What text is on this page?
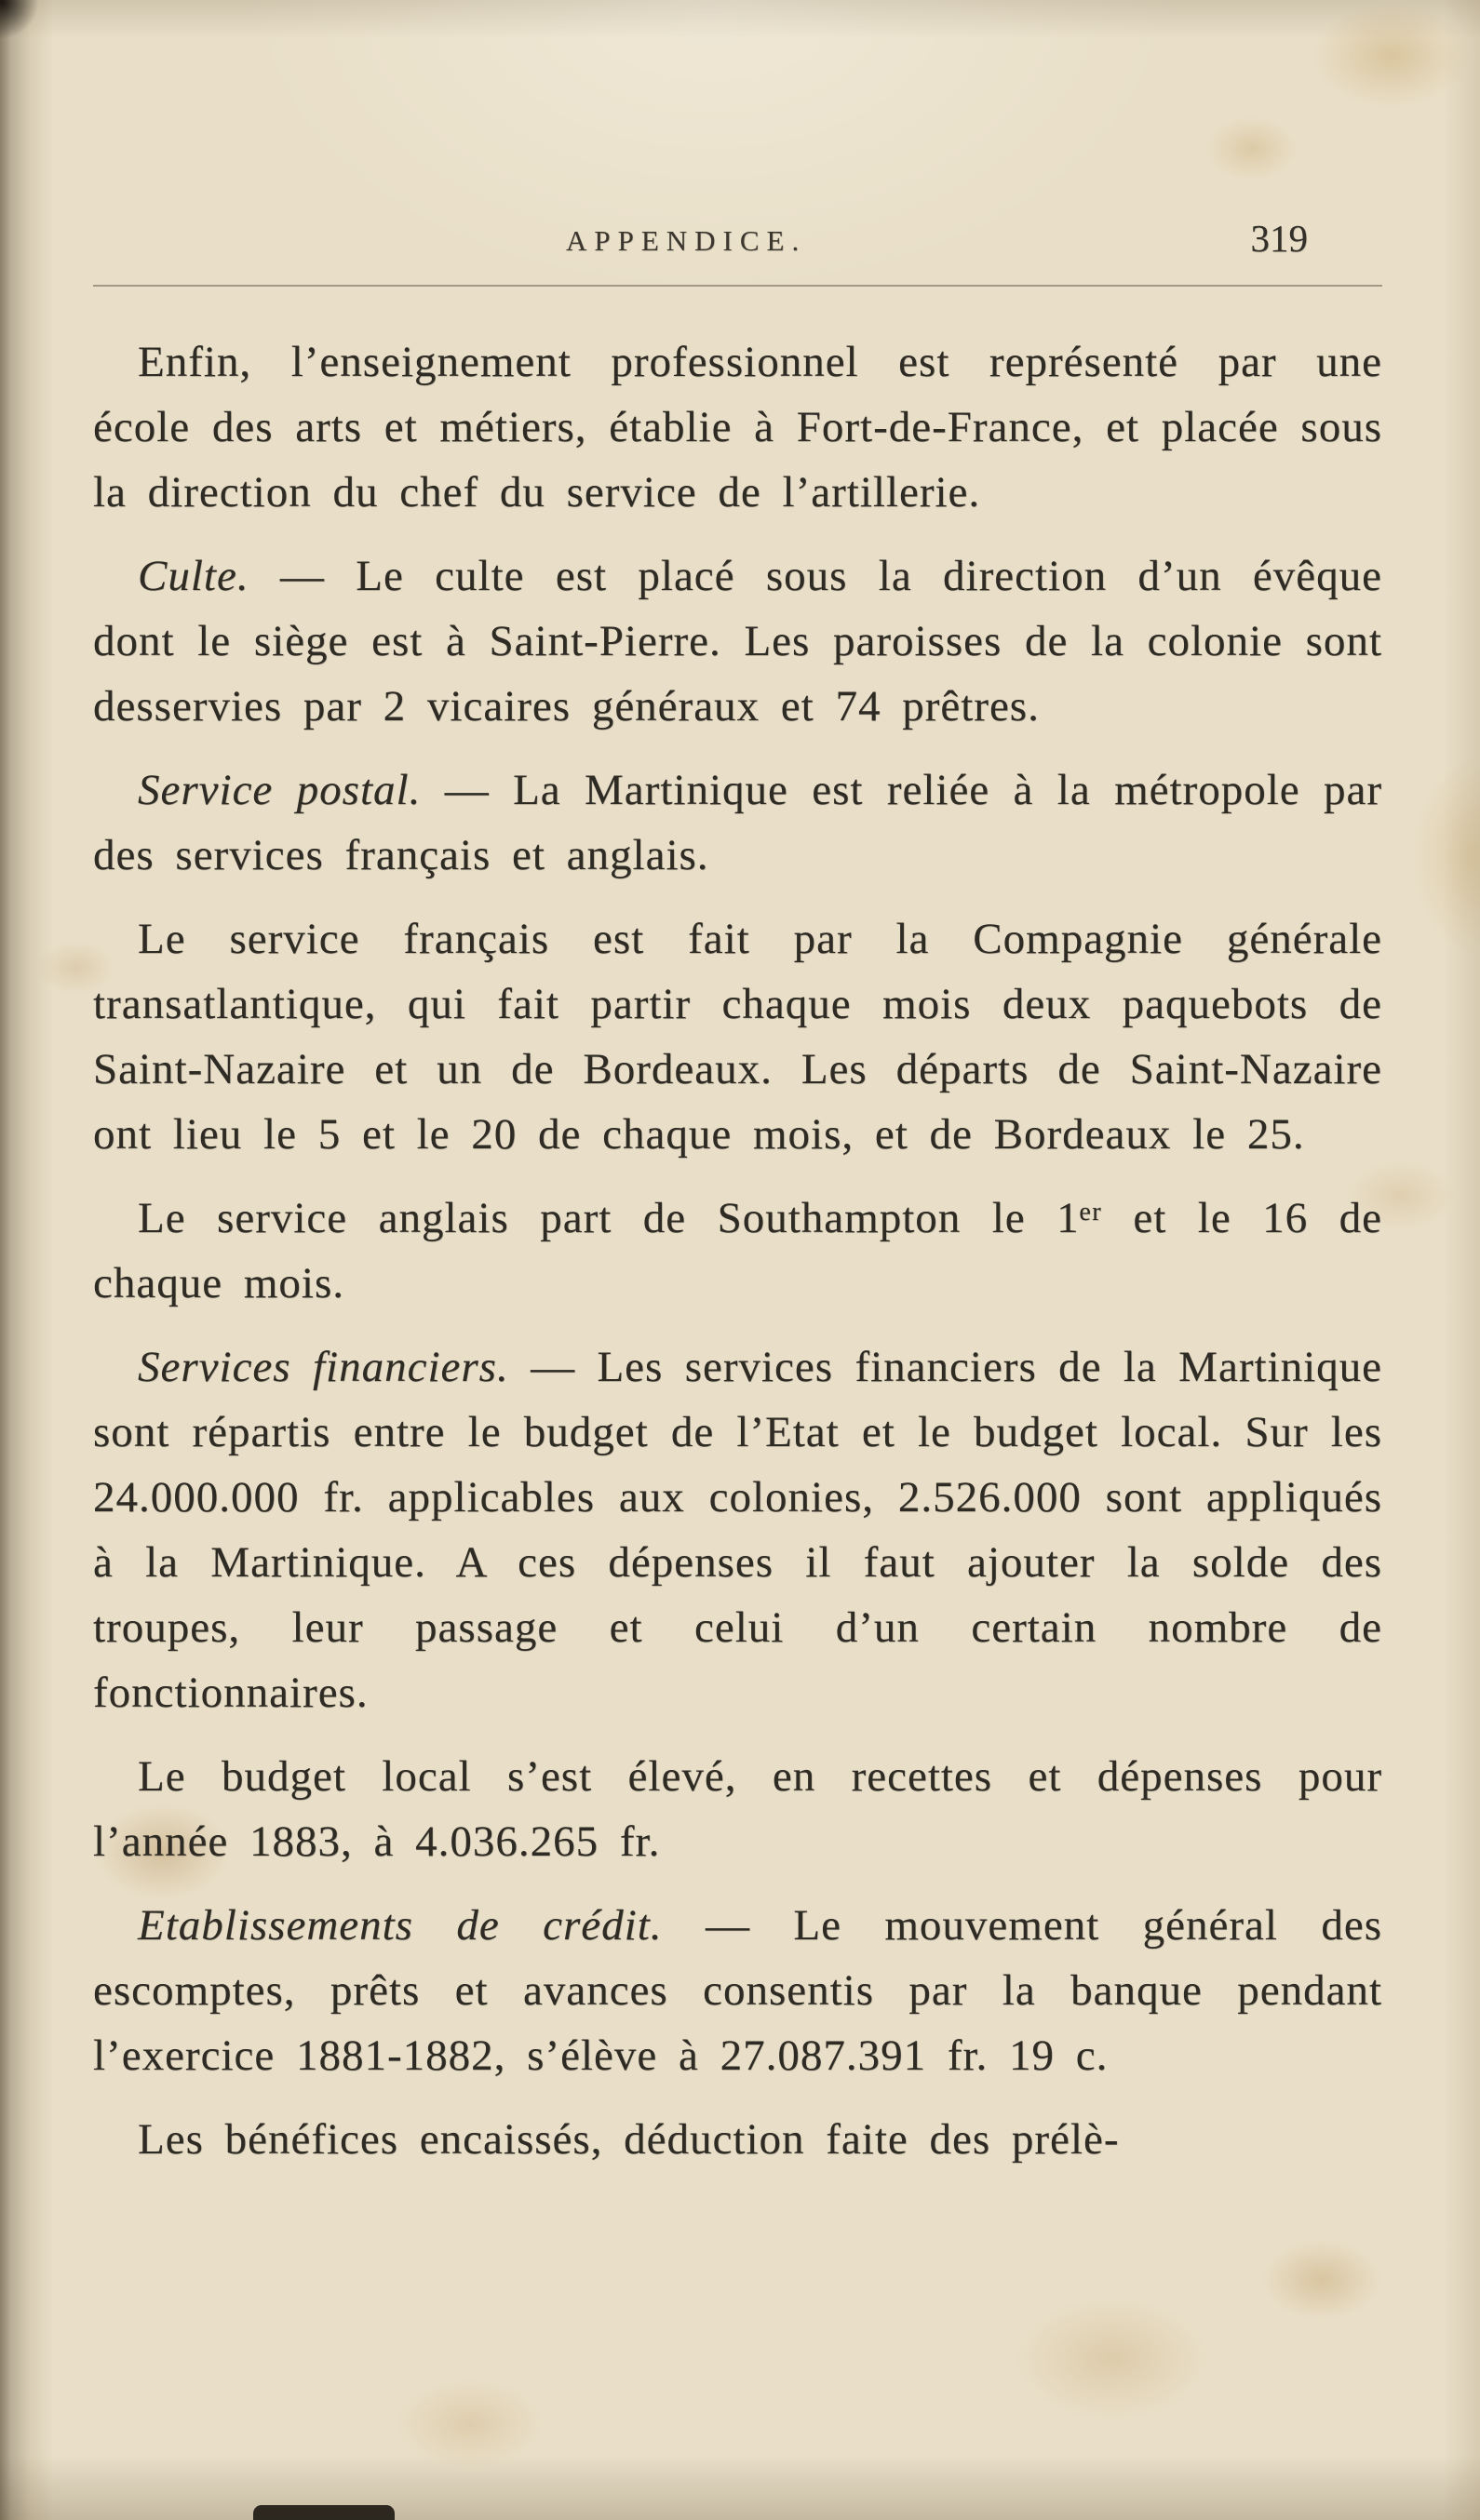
APPENDICE.	319

Enfin, l’enseignement professionnel est représenté par une école des arts et métiers, établie à Fort-de-France, et placée sous la direction du chef du service de l’artillerie.

Culte. — Le culte est placé sous la direction d’un évêque dont le siège est à Saint-Pierre. Les paroisses de la colonie sont desservies par 2 vicaires généraux et 74 prêtres.

Service postal. — La Martinique est reliée à la métropole par des services français et anglais.

Le service français est fait par la Compagnie générale transatlantique, qui fait partir chaque mois deux paquebots de Saint-Nazaire et un de Bordeaux. Les départs de Saint-Nazaire ont lieu le 5 et le 20 de chaque mois, et de Bordeaux le 25.

Le service anglais part de Southampton le 1ᵉʳ et le 16 de chaque mois.

Services financiers. — Les services financiers de la Martinique sont répartis entre le budget de l’Etat et le budget local. Sur les 24.000.000 fr. applicables aux colonies, 2.526.000 sont appliqués à la Martinique. A ces dépenses il faut ajouter la solde des troupes, leur passage et celui d’un certain nombre de fonctionnaires.

Le budget local s’est élevé, en recettes et dépenses pour l’année 1883, à 4.036.265 fr.

Etablissements de crédit. — Le mouvement général des escomptes, prêts et avances consentis par la banque pendant l’exercice 1881-1882, s’élève à 27.087.391 fr. 19 c.

Les bénéfices encaissés, déduction faite des prélè-
